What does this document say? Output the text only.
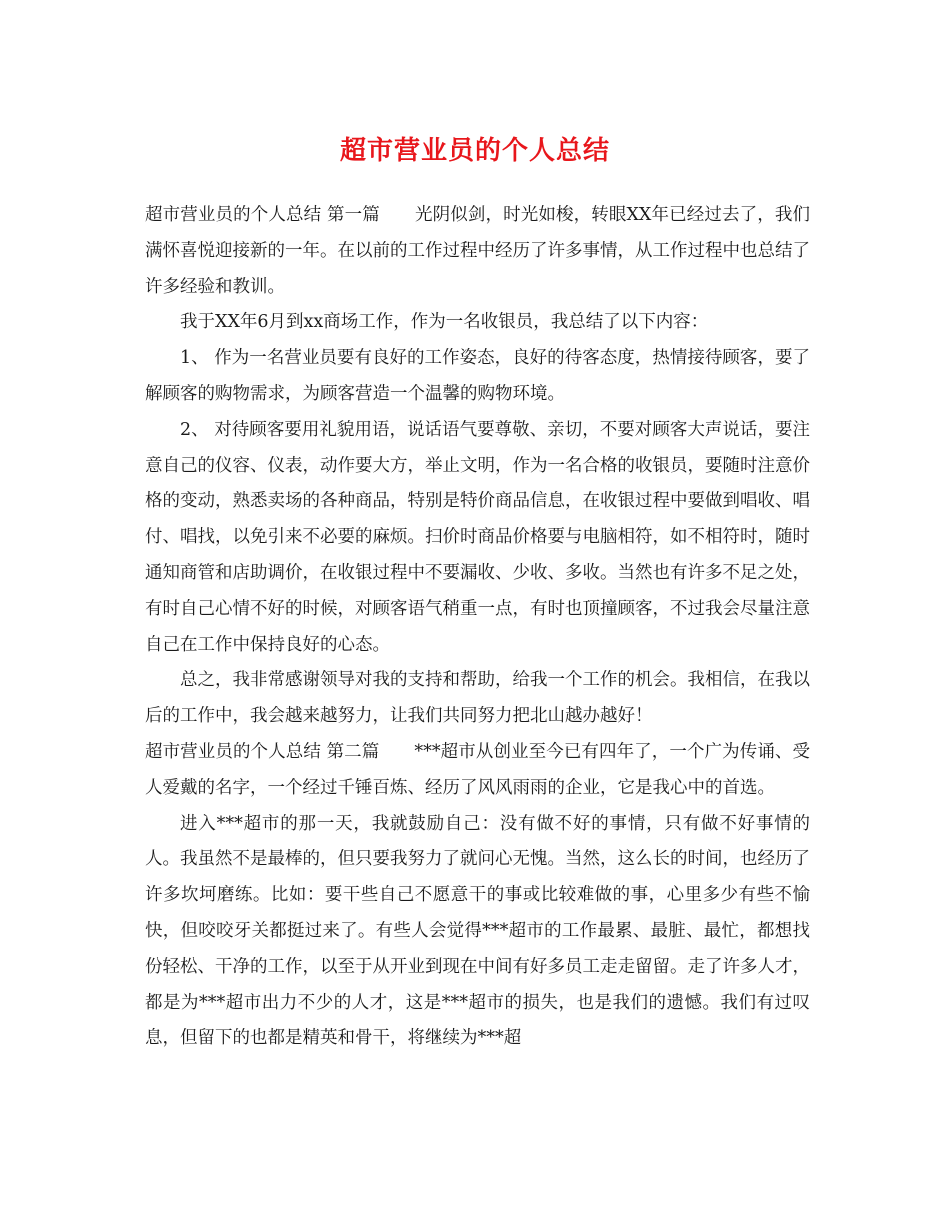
超市营业员的个人总结

超市营业员的个人总结 第一篇 光阴似剑，时光如梭，转眼XX年已经过去了，我们满怀喜悦迎接新的一年。在以前的工作过程中经历了许多事情，从工作过程中也总结了许多经验和教训。

我于XX年6月到xx商场工作，作为一名收银员，我总结了以下内容：

1、 作为一名营业员要有良好的工作姿态，良好的待客态度，热情接待顾客，要了解顾客的购物需求，为顾客营造一个温馨的购物环境。

2、 对待顾客要用礼貌用语，说话语气要尊敬、亲切，不要对顾客大声说话，要注意自己的仪容、仪表，动作要大方，举止文明，作为一名合格的收银员，要随时注意价格的变动，熟悉卖场的各种商品，特别是特价商品信息，在收银过程中要做到唱收、唱付、唱找，以免引来不必要的麻烦。扫价时商品价格要与电脑相符，如不相符时，随时通知商管和店助调价，在收银过程中不要漏收、少收、多收。当然也有许多不足之处，有时自己心情不好的时候，对顾客语气稍重一点，有时也顶撞顾客，不过我会尽量注意自己在工作中保持良好的心态。

总之，我非常感谢领导对我的支持和帮助，给我一个工作的机会。我相信，在我以后的工作中，我会越来越努力，让我们共同努力把北山越办越好！

超市营业员的个人总结 第二篇 ***超市从创业至今已有四年了，一个广为传诵、受人爱戴的名字，一个经过千锤百炼、经历了风风雨雨的企业，它是我心中的首选。

进入***超市的那一天，我就鼓励自己：没有做不好的事情，只有做不好事情的人。我虽然不是最棒的，但只要我努力了就问心无愧。当然，这么长的时间，也经历了许多坎坷磨练。比如：要干些自己不愿意干的事或比较难做的事，心里多少有些不愉快，但咬咬牙关都挺过来了。有些人会觉得***超市的工作最累、最脏、最忙，都想找份轻松、干净的工作，以至于从开业到现在中间有好多员工走走留留。走了许多人才，都是为***超市出力不少的人才，这是***超市的损失，也是我们的遗憾。我们有过叹息，但留下的也都是精英和骨干，将继续为***超
